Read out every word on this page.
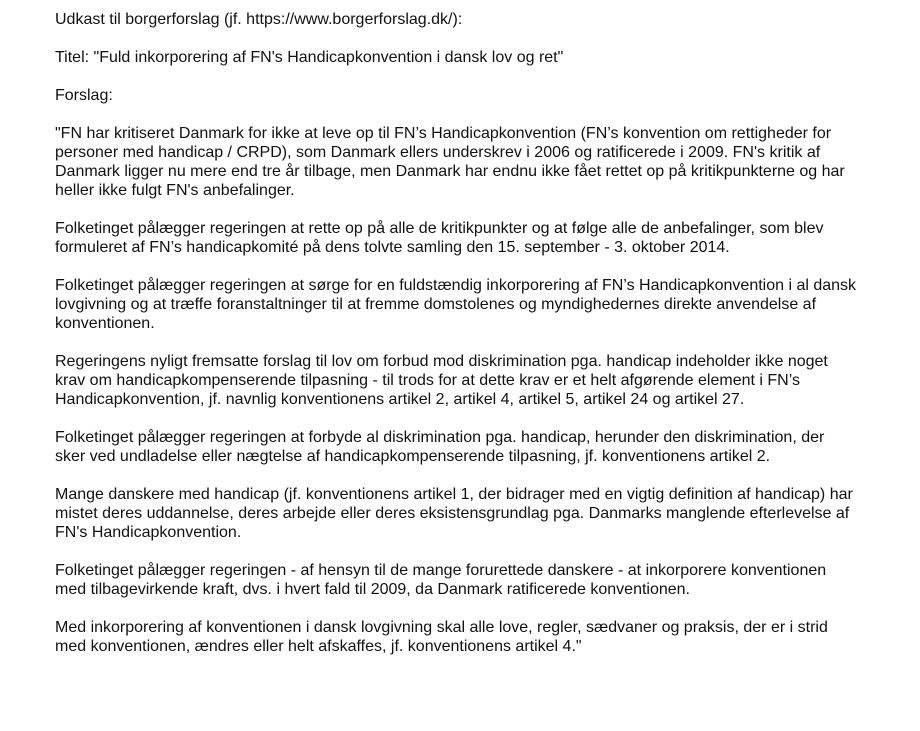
Udkast til borgerforslag (jf. https://www.borgerforslag.dk/):

Titel: "Fuld inkorporering af FN's Handicapkonvention i dansk lov og ret"

Forslag:

"FN har kritiseret Danmark for ikke at leve op til FN’s Handicapkonvention (FN’s konvention om rettigheder for
personer med handicap / CRPD), som Danmark ellers underskrev i 2006 og ratificerede i 2009. FN's kritik af
Danmark ligger nu mere end tre år tilbage, men Danmark har endnu ikke fået rettet op på kritikpunkterne og har
heller ikke fulgt FN's anbefalinger.

Folketinget pålægger regeringen at rette op på alle de kritikpunkter og at følge alle de anbefalinger, som blev
formuleret af FN’s handicapkomité på dens tolvte samling den 15. september - 3. oktober 2014.

Folketinget pålægger regeringen at sørge for en fuldstændig inkorporering af FN’s Handicapkonvention i al dansk
lovgivning og at træffe foranstaltninger til at fremme domstolenes og myndighedernes direkte anvendelse af
konventionen.

Regeringens nyligt fremsatte forslag til lov om forbud mod diskrimination pga. handicap indeholder ikke noget
krav om handicapkompenserende tilpasning - til trods for at dette krav er et helt afgørende element i FN’s
Handicapkonvention, jf. navnlig konventionens artikel 2, artikel 4, artikel 5, artikel 24 og artikel 27.

Folketinget pålægger regeringen at forbyde al diskrimination pga. handicap, herunder den diskrimination, der
sker ved undladelse eller nægtelse af handicapkompenserende tilpasning, jf. konventionens artikel 2.

Mange danskere med handicap (jf. konventionens artikel 1, der bidrager med en vigtig definition af handicap) har
mistet deres uddannelse, deres arbejde eller deres eksistensgrundlag pga. Danmarks manglende efterlevelse af
FN's Handicapkonvention.

Folketinget pålægger regeringen - af hensyn til de mange forurettede danskere - at inkorporere konventionen
med tilbagevirkende kraft, dvs. i hvert fald til 2009, da Danmark ratificerede konventionen.

Med inkorporering af konventionen i dansk lovgivning skal alle love, regler, sædvaner og praksis, der er i strid
med konventionen, ændres eller helt afskaffes, jf. konventionens artikel 4."
